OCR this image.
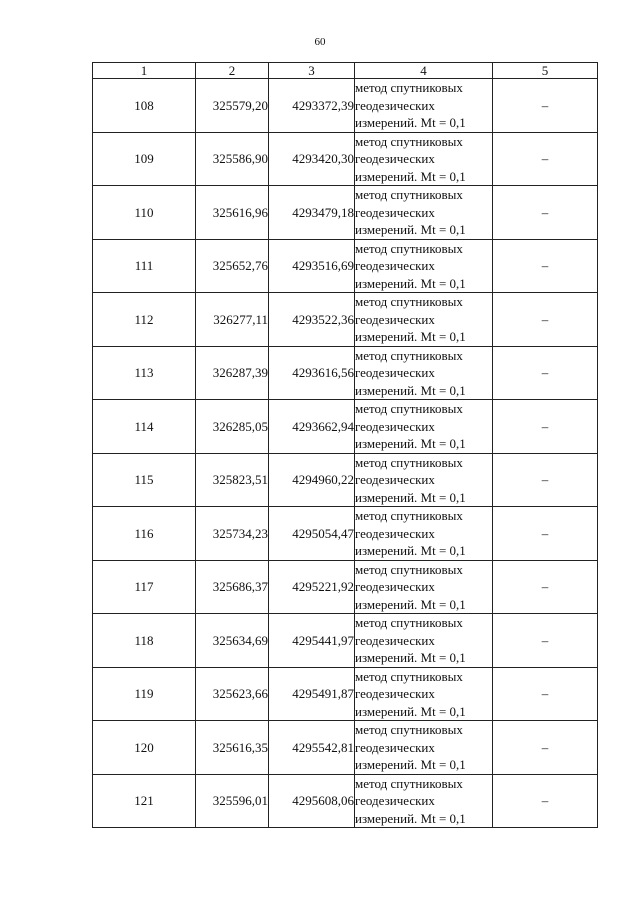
60
1	2	3	4	5
108	325579,20	4293372,39	метод спутниковых
геодезических
измерений. Mt = 0,1	–
109	325586,90	4293420,30	метод спутниковых
геодезических
измерений. Mt = 0,1	–
110	325616,96	4293479,18	метод спутниковых
геодезических
измерений. Mt = 0,1	–
111	325652,76	4293516,69	метод спутниковых
геодезических
измерений. Mt = 0,1	–
112	326277,11	4293522,36	метод спутниковых
геодезических
измерений. Mt = 0,1	–
113	326287,39	4293616,56	метод спутниковых
геодезических
измерений. Mt = 0,1	–
114	326285,05	4293662,94	метод спутниковых
геодезических
измерений. Mt = 0,1	–
115	325823,51	4294960,22	метод спутниковых
геодезических
измерений. Mt = 0,1	–
116	325734,23	4295054,47	метод спутниковых
геодезических
измерений. Mt = 0,1	–
117	325686,37	4295221,92	метод спутниковых
геодезических
измерений. Mt = 0,1	–
118	325634,69	4295441,97	метод спутниковых
геодезических
измерений. Mt = 0,1	–
119	325623,66	4295491,87	метод спутниковых
геодезических
измерений. Mt = 0,1	–
120	325616,35	4295542,81	метод спутниковых
геодезических
измерений. Mt = 0,1	–
121	325596,01	4295608,06	метод спутниковых
геодезических
измерений. Mt = 0,1	–
